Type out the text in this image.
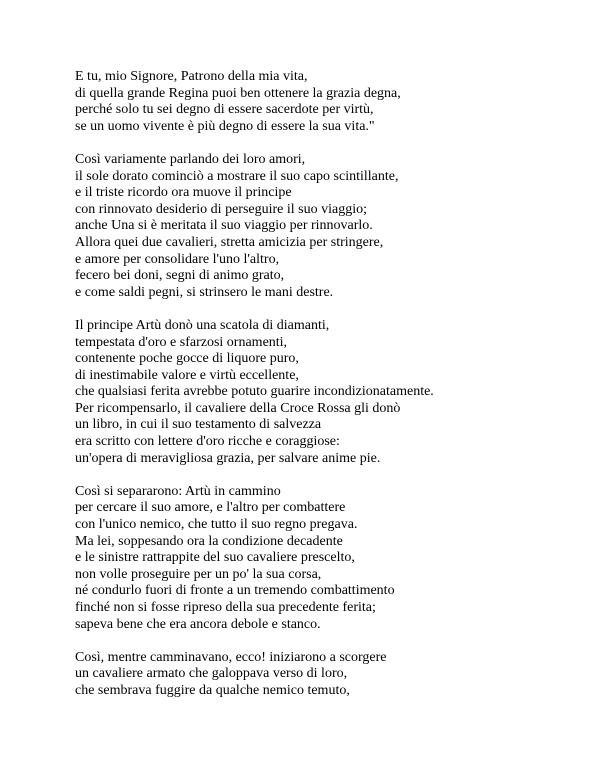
E tu, mio Signore, Patrono della mia vita,
di quella grande Regina puoi ben ottenere la grazia degna,
perché solo tu sei degno di essere sacerdote per virtù,
se un uomo vivente è più degno di essere la sua vita."
Così variamente parlando dei loro amori,
il sole dorato cominciò a mostrare il suo capo scintillante,
e il triste ricordo ora muove il principe
con rinnovato desiderio di perseguire il suo viaggio;
anche Una si è meritata il suo viaggio per rinnovarlo.
Allora quei due cavalieri, stretta amicizia per stringere,
e amore per consolidare l'uno l'altro,
fecero bei doni, segni di animo grato,
e come saldi pegni, si strinsero le mani destre.
Il principe Artù donò una scatola di diamanti,
tempestata d'oro e sfarzosi ornamenti,
contenente poche gocce di liquore puro,
di inestimabile valore e virtù eccellente,
che qualsiasi ferita avrebbe potuto guarire incondizionatamente.
Per ricompensarlo, il cavaliere della Croce Rossa gli donò
un libro, in cui il suo testamento di salvezza
era scritto con lettere d'oro ricche e coraggiose:
un'opera di meravigliosa grazia, per salvare anime pie.
Così si separarono: Artù in cammino
per cercare il suo amore, e l'altro per combattere
con l'unico nemico, che tutto il suo regno pregava.
Ma lei, soppesando ora la condizione decadente
e le sinistre rattrappite del suo cavaliere prescelto,
non volle proseguire per un po' la sua corsa,
né condurlo fuori di fronte a un tremendo combattimento
finché non si fosse ripreso della sua precedente ferita;
sapeva bene che era ancora debole e stanco.
Così, mentre camminavano, ecco! iniziarono a scorgere
un cavaliere armato che galoppava verso di loro,
che sembrava fuggire da qualche nemico temuto,
